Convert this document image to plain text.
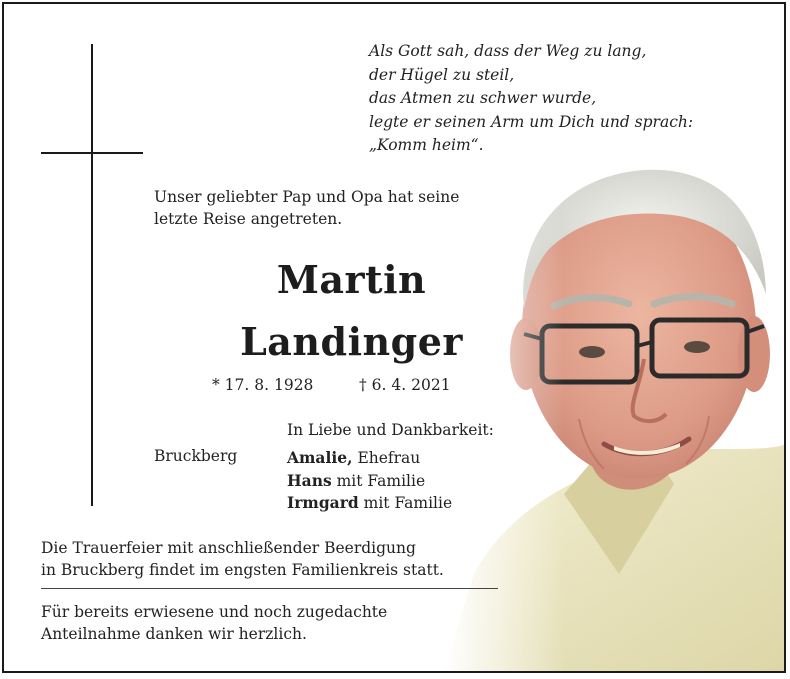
Als Gott sah, dass der Weg zu lang,
der Hügel zu steil,
das Atmen zu schwer wurde,
legte er seinen Arm um Dich und sprach:
„Komm heim“.
Unser geliebter Pap und Opa hat seine
letzte Reise angetreten.
Martin
Landinger
* 17. 8. 1928	† 6. 4. 2021
In Liebe und Dankbarkeit:
Bruckberg	Amalie, Ehefrau
Hans mit Familie
Irmgard mit Familie
Die Trauerfeier mit anschließender Beerdigung
in Bruckberg findet im engsten Familienkreis statt.
Für bereits erwiesene und noch zugedachte
Anteilnahme danken wir herzlich.
